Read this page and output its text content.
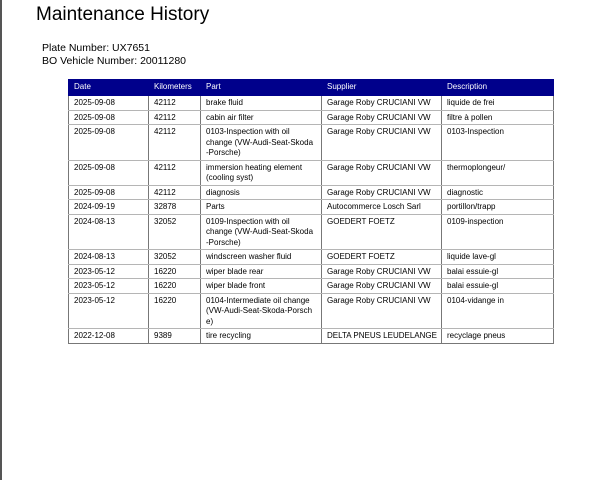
Maintenance History
Plate Number: UX7651
BO Vehicle Number: 20011280
Date	Kilometers	Part	Supplier	Description
2025-09-08	42112	brake fluid	Garage Roby CRUCIANI VW	liquide de frei
2025-09-08	42112	cabin air filter	Garage Roby CRUCIANI VW	filtre à pollen
2025-09-08	42112	0103-Inspection with oil change (VW-Audi-Seat-Skoda -Porsche)	Garage Roby CRUCIANI VW	0103-Inspection
2025-09-08	42112	immersion heating element (cooling syst)	Garage Roby CRUCIANI VW	thermoplongeur/
2025-09-08	42112	diagnosis	Garage Roby CRUCIANI VW	diagnostic
2024-09-19	32878	Parts	Autocommerce Losch Sarl	portillon/trapp
2024-08-13	32052	0109-Inspection with oil change (VW-Audi-Seat-Skoda -Porsche)	GOEDERT FOETZ	0109-inspection
2024-08-13	32052	windscreen washer fluid	GOEDERT FOETZ	liquide lave-gl
2023-05-12	16220	wiper blade rear	Garage Roby CRUCIANI VW	balai essuie-gl
2023-05-12	16220	wiper blade front	Garage Roby CRUCIANI VW	balai essuie-gl
2023-05-12	16220	0104-Intermediate oil change (VW-Audi-Seat-Skoda-Porsch e)	Garage Roby CRUCIANI VW	0104-vidange in
2022-12-08	9389	tire recycling	DELTA PNEUS LEUDELANGE	recyclage pneus
